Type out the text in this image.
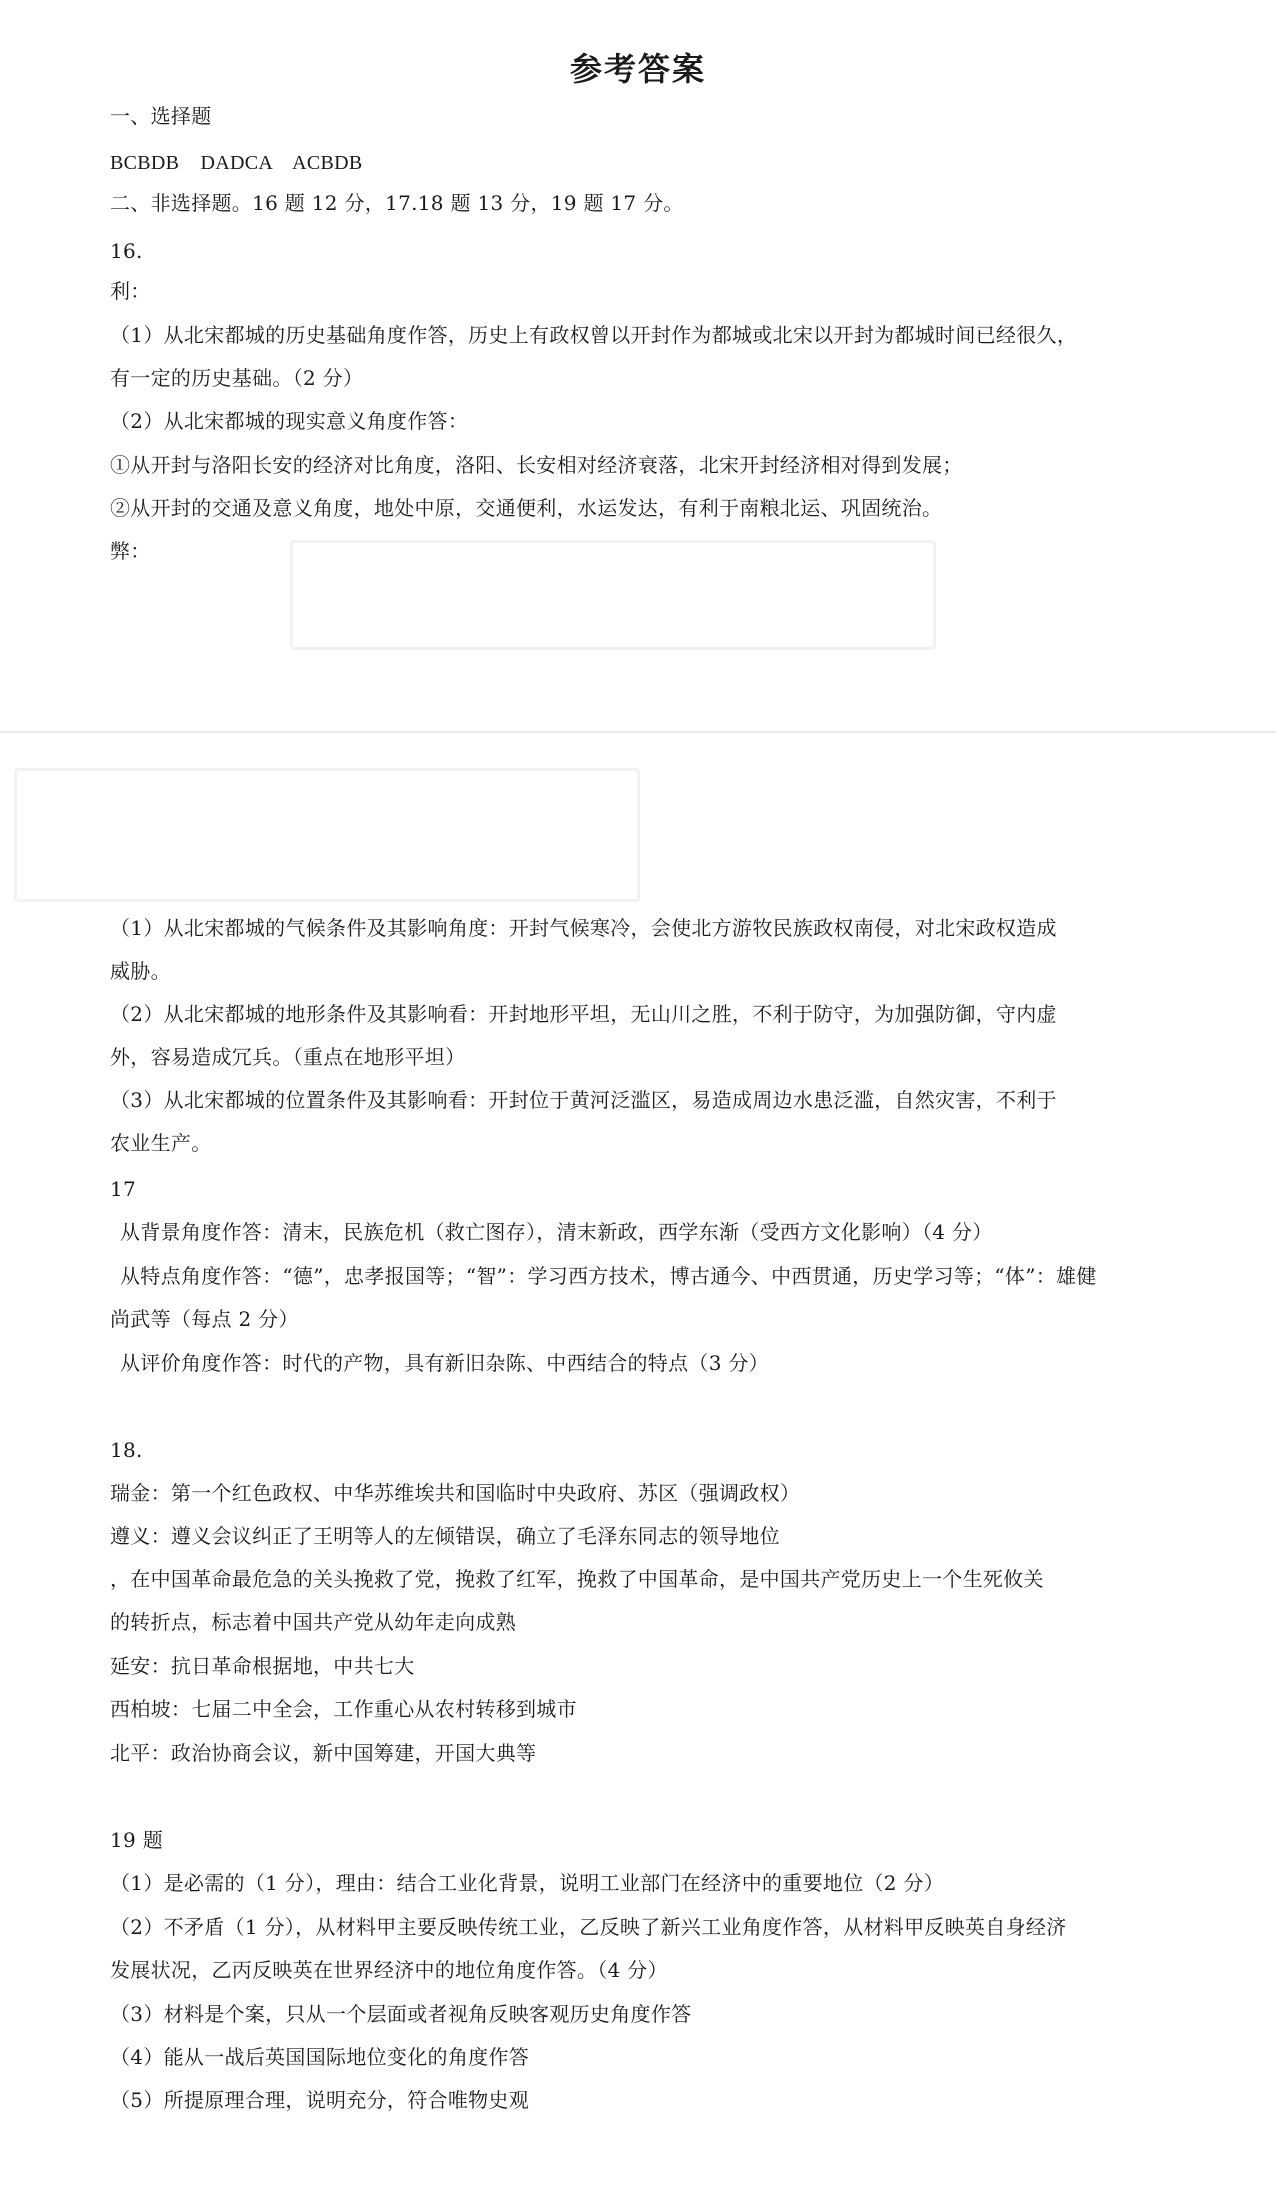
参考答案
一、选择题
BCBDB    DADCA    ACBDB
二、非选择题。16 题 12 分，17.18 题 13 分，19 题 17 分。
16.
利：
（1）从北宋都城的历史基础角度作答，历史上有政权曾以开封作为都城或北宋以开封为都城时间已经很久，
有一定的历史基础。（2 分）
（2）从北宋都城的现实意义角度作答：
①从开封与洛阳长安的经济对比角度，洛阳、长安相对经济衰落，北宋开封经济相对得到发展；
②从开封的交通及意义角度，地处中原，交通便利，水运发达，有利于南粮北运、巩固统治。
弊：
（1）从北宋都城的气候条件及其影响角度：开封气候寒冷，会使北方游牧民族政权南侵，对北宋政权造成
威胁。
（2）从北宋都城的地形条件及其影响看：开封地形平坦，无山川之胜，不利于防守，为加强防御，守内虚
外，容易造成冗兵。（重点在地形平坦）
（3）从北宋都城的位置条件及其影响看：开封位于黄河泛滥区，易造成周边水患泛滥，自然灾害，不利于
农业生产。
17
从背景角度作答：清末，民族危机（救亡图存），清末新政，西学东渐（受西方文化影响）（4 分）
从特点角度作答：“德”，忠孝报国等；“智”：学习西方技术，博古通今、中西贯通，历史学习等；“体”：雄健
尚武等（每点 2 分）
从评价角度作答：时代的产物，具有新旧杂陈、中西结合的特点（3 分）
18.
瑞金：第一个红色政权、中华苏维埃共和国临时中央政府、苏区（强调政权）
遵义：遵义会议纠正了王明等人的左倾错误，确立了毛泽东同志的领导地位
，在中国革命最危急的关头挽救了党，挽救了红军，挽救了中国革命，是中国共产党历史上一个生死攸关
的转折点，标志着中国共产党从幼年走向成熟
延安：抗日革命根据地，中共七大
西柏坡：七届二中全会，工作重心从农村转移到城市
北平：政治协商会议，新中国筹建，开国大典等
19 题
（1）是必需的（1 分），理由：结合工业化背景，说明工业部门在经济中的重要地位（2 分）
（2）不矛盾（1 分），从材料甲主要反映传统工业，乙反映了新兴工业角度作答，从材料甲反映英自身经济
发展状况，乙丙反映英在世界经济中的地位角度作答。（4 分）
（3）材料是个案，只从一个层面或者视角反映客观历史角度作答
（4）能从一战后英国国际地位变化的角度作答
（5）所提原理合理，说明充分，符合唯物史观
